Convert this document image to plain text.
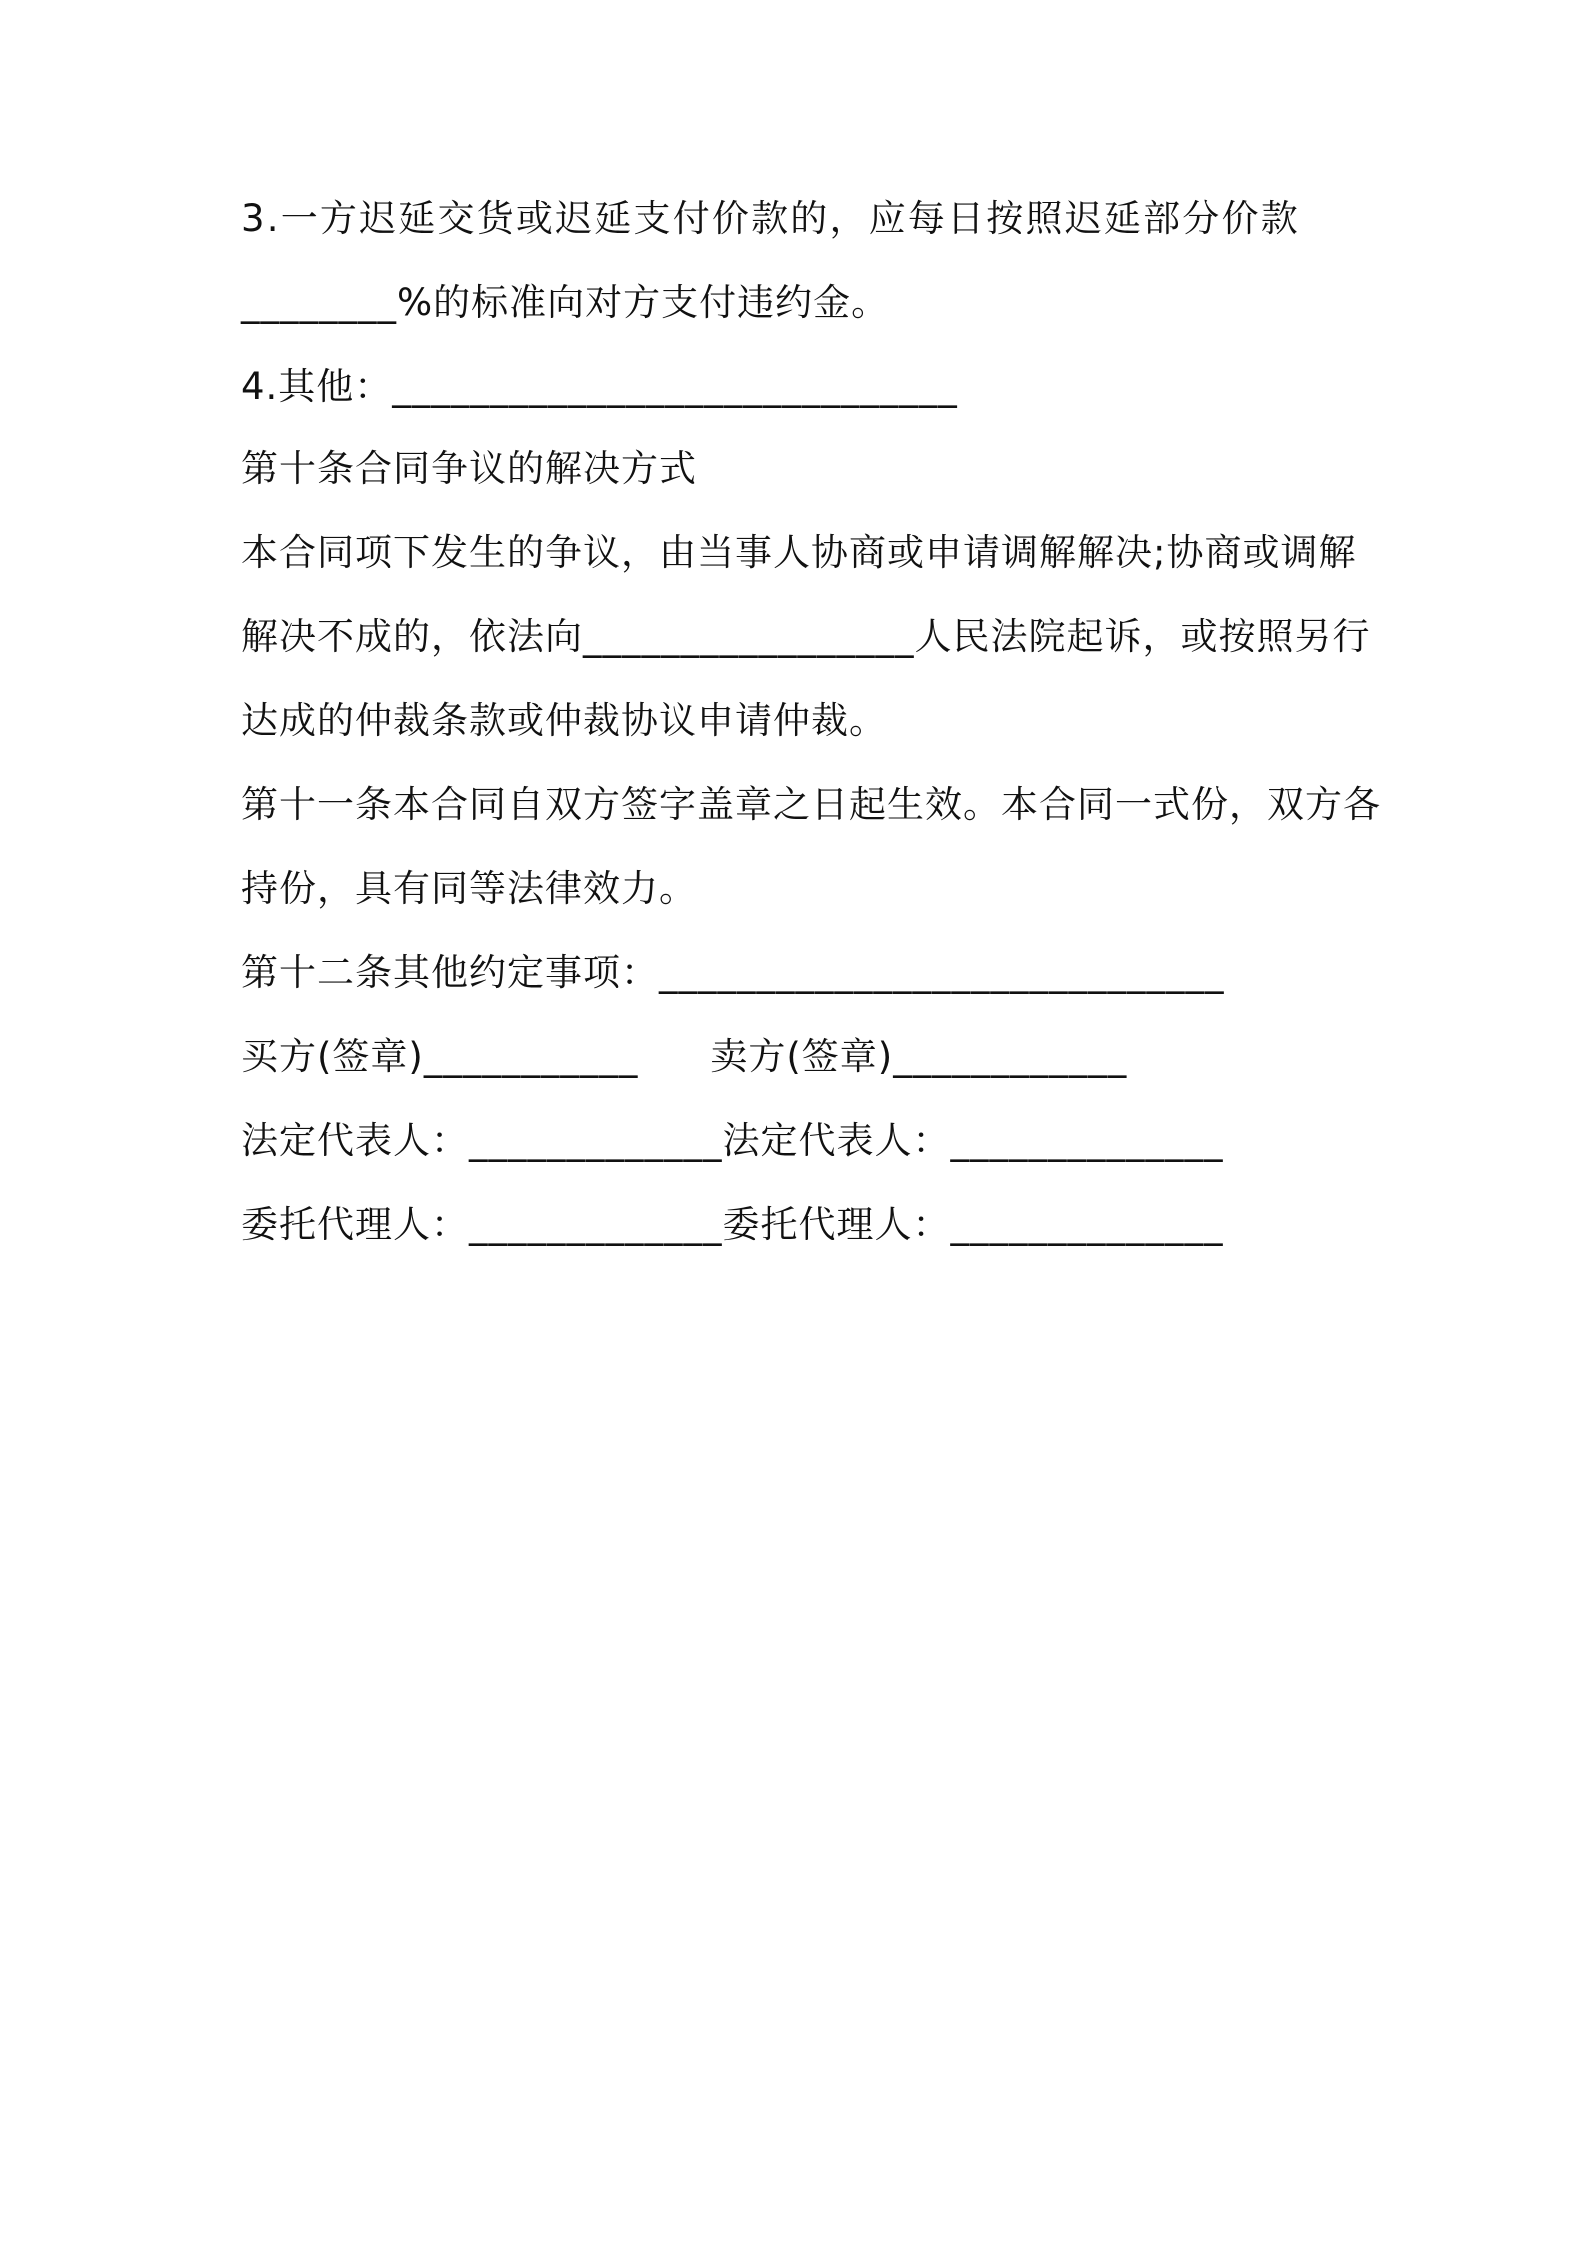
3.一方迟延交货或迟延支付价款的，应每日按照迟延部分价款
________%的标准向对方支付违约金。
4.其他：_____________________________
第十条合同争议的解决方式
本合同项下发生的争议，由当事人协商或申请调解解决;协商或调解
解决不成的，依法向_________________人民法院起诉，或按照另行
达成的仲裁条款或仲裁协议申请仲裁。
第十一条本合同自双方签字盖章之日起生效。本合同一式份，双方各
持份，具有同等法律效力。
第十二条其他约定事项：_____________________________
买方(签章)___________ 卖方(签章)____________
法定代表人：_____________法定代表人：______________
委托代理人：_____________委托代理人：______________
